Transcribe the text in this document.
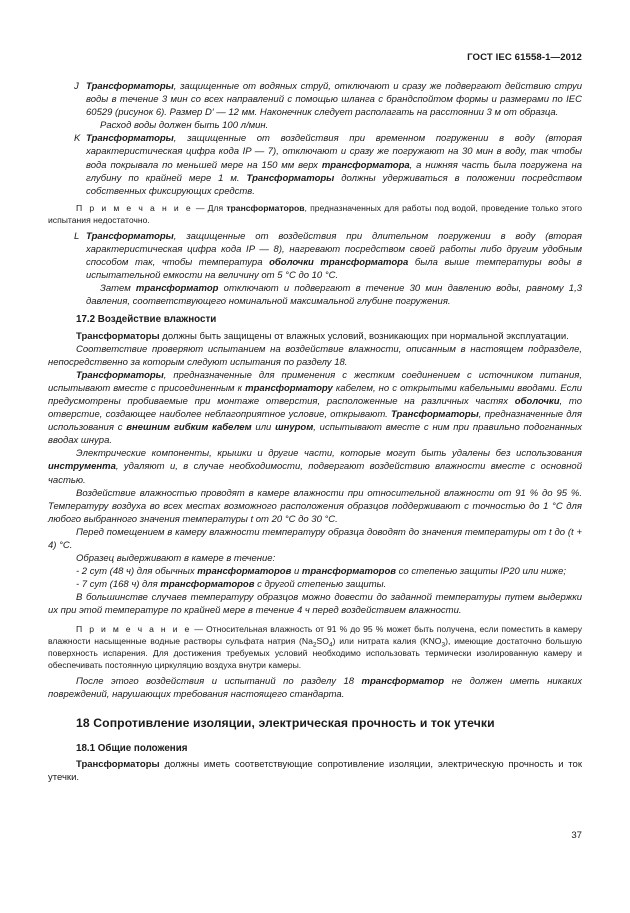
ГОСТ IEC 61558-1—2012

J Трансформаторы, защищенные от водяных струй, отключают и сразу же подвергают действию струи воды в течение 3 мин со всех направлений с помощью шланга с брандспойтом формы и размерами по IEC 60529 (рисунок 6). Размер D′ — 12 мм. Наконечник следует располагать на расстоянии 3 м от образца.

Расход воды должен быть 100 л/мин.

K Трансформаторы, защищенные от воздействия при временном погружении в воду (вторая характеристическая цифра кода IP — 7), отключают и сразу же погружают на 30 мин в воду, так чтобы вода покрывала по меньшей мере на 150 мм верх трансформатора, а нижняя часть была погружена на глубину по крайней мере 1 м. Трансформаторы должны удерживаться в положении посредством собственных фиксирующих средств.

П р и м е ч а н и е — Для трансформаторов, предназначенных для работы под водой, проведение только этого испытания недостаточно.

L Трансформаторы, защищенные от воздействия при длительном погружении в воду (вторая характеристическая цифра кода IP — 8), нагревают посредством своей работы либо другим удобным способом так, чтобы температура оболочки трансформатора была выше температуры воды в испытательной емкости на величину от 5 °С до 10 °С.

Затем трансформатор отключают и подвергают в течение 30 мин давлению воды, равному 1,3 давления, соответствующего номинальной максимальной глубине погружения.

17.2 Воздействие влажности

Трансформаторы должны быть защищены от влажных условий, возникающих при нормальной эксплуатации.

Соответствие проверяют испытанием на воздействие влажности, описанным в настоящем подразделе, непосредственно за которым следуют испытания по разделу 18.

Трансформаторы, предназначенные для применения с жестким соединением с источником питания, испытывают вместе с присоединенным к трансформатору кабелем, но с открытыми кабельными вводами. Если предусмотрены пробиваемые при монтаже отверстия, расположенные на различных частях оболочки, то отверстие, создающее наиболее неблагоприятное условие, открывают. Трансформаторы, предназначенные для использования с внешним гибким кабелем или шнуром, испытывают вместе с ним при правильно подогнанных вводах шнура.

Электрические компоненты, крышки и другие части, которые могут быть удалены без использования инструмента, удаляют и, в случае необходимости, подвергают воздействию влажности вместе с основной частью.

Воздействие влажностью проводят в камере влажности при относительной влажности от 91 % до 95 %. Температуру воздуха во всех местах возможного расположения образцов поддерживают с точностью до 1 °С для любого выбранного значения температуры t от 20 °С до 30 °С.

Перед помещением в камеру влажности температуру образца доводят до значения температуры от t до (t + 4) °С.

Образец выдерживают в камере в течение:

- 2 сут (48 ч) для обычных трансформаторов и трансформаторов со степенью защиты IP20 или ниже;

- 7 сут (168 ч) для трансформаторов с другой степенью защиты.

В большинстве случаев температуру образцов можно довести до заданной температуры путем выдержки их при этой температуре по крайней мере в течение 4 ч перед воздействием влажности.

П р и м е ч а н и е — Относительная влажность от 91 % до 95 % может быть получена, если поместить в камеру влажности насыщенные водные растворы сульфата натрия $(Na_2SO_4)$ или нитрата калия $(KNO_3)$, имеющие достаточно большую поверхность испарения. Для достижения требуемых условий необходимо использовать термически изолированную камеру и обеспечивать постоянную циркуляцию воздуха внутри камеры.

После этого воздействия и испытаний по разделу 18 трансформатор не должен иметь никаких повреждений, нарушающих требования настоящего стандарта.

18 Сопротивление изоляции, электрическая прочность и ток утечки

18.1 Общие положения

Трансформаторы должны иметь соответствующие сопротивление изоляции, электрическую прочность и ток утечки.

37
